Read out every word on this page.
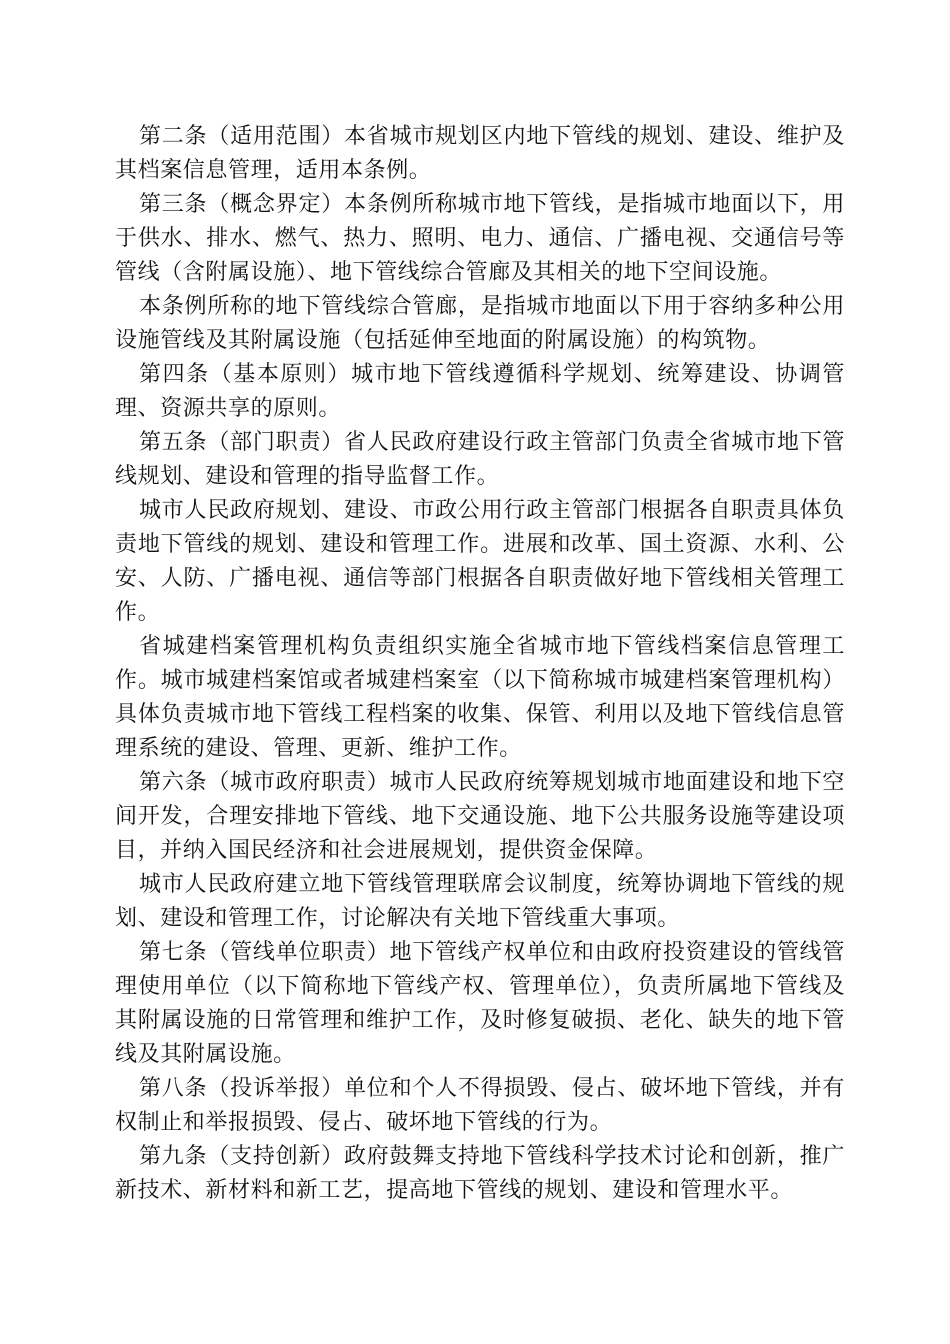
第二条（适用范围）本省城市规划区内地下管线的规划、建设、维护及其档案信息管理，适用本条例。

第三条（概念界定）本条例所称城市地下管线，是指城市地面以下，用于供水、排水、燃气、热力、照明、电力、通信、广播电视、交通信号等管线（含附属设施）、地下管线综合管廊及其相关的地下空间设施。

本条例所称的地下管线综合管廊，是指城市地面以下用于容纳多种公用设施管线及其附属设施（包括延伸至地面的附属设施）的构筑物。

第四条（基本原则）城市地下管线遵循科学规划、统筹建设、协调管理、资源共享的原则。

第五条（部门职责）省人民政府建设行政主管部门负责全省城市地下管线规划、建设和管理的指导监督工作。

城市人民政府规划、建设、市政公用行政主管部门根据各自职责具体负责地下管线的规划、建设和管理工作。进展和改革、国土资源、水利、公安、人防、广播电视、通信等部门根据各自职责做好地下管线相关管理工作。

省城建档案管理机构负责组织实施全省城市地下管线档案信息管理工作。城市城建档案馆或者城建档案室（以下简称城市城建档案管理机构）具体负责城市地下管线工程档案的收集、保管、利用以及地下管线信息管理系统的建设、管理、更新、维护工作。

第六条（城市政府职责）城市人民政府统筹规划城市地面建设和地下空间开发，合理安排地下管线、地下交通设施、地下公共服务设施等建设项目，并纳入国民经济和社会进展规划，提供资金保障。

城市人民政府建立地下管线管理联席会议制度，统筹协调地下管线的规划、建设和管理工作，讨论解决有关地下管线重大事项。

第七条（管线单位职责）地下管线产权单位和由政府投资建设的管线管理使用单位（以下简称地下管线产权、管理单位），负责所属地下管线及其附属设施的日常管理和维护工作，及时修复破损、老化、缺失的地下管线及其附属设施。

第八条（投诉举报）单位和个人不得损毁、侵占、破坏地下管线，并有权制止和举报损毁、侵占、破坏地下管线的行为。

第九条（支持创新）政府鼓舞支持地下管线科学技术讨论和创新，推广新技术、新材料和新工艺，提高地下管线的规划、建设和管理水平。
